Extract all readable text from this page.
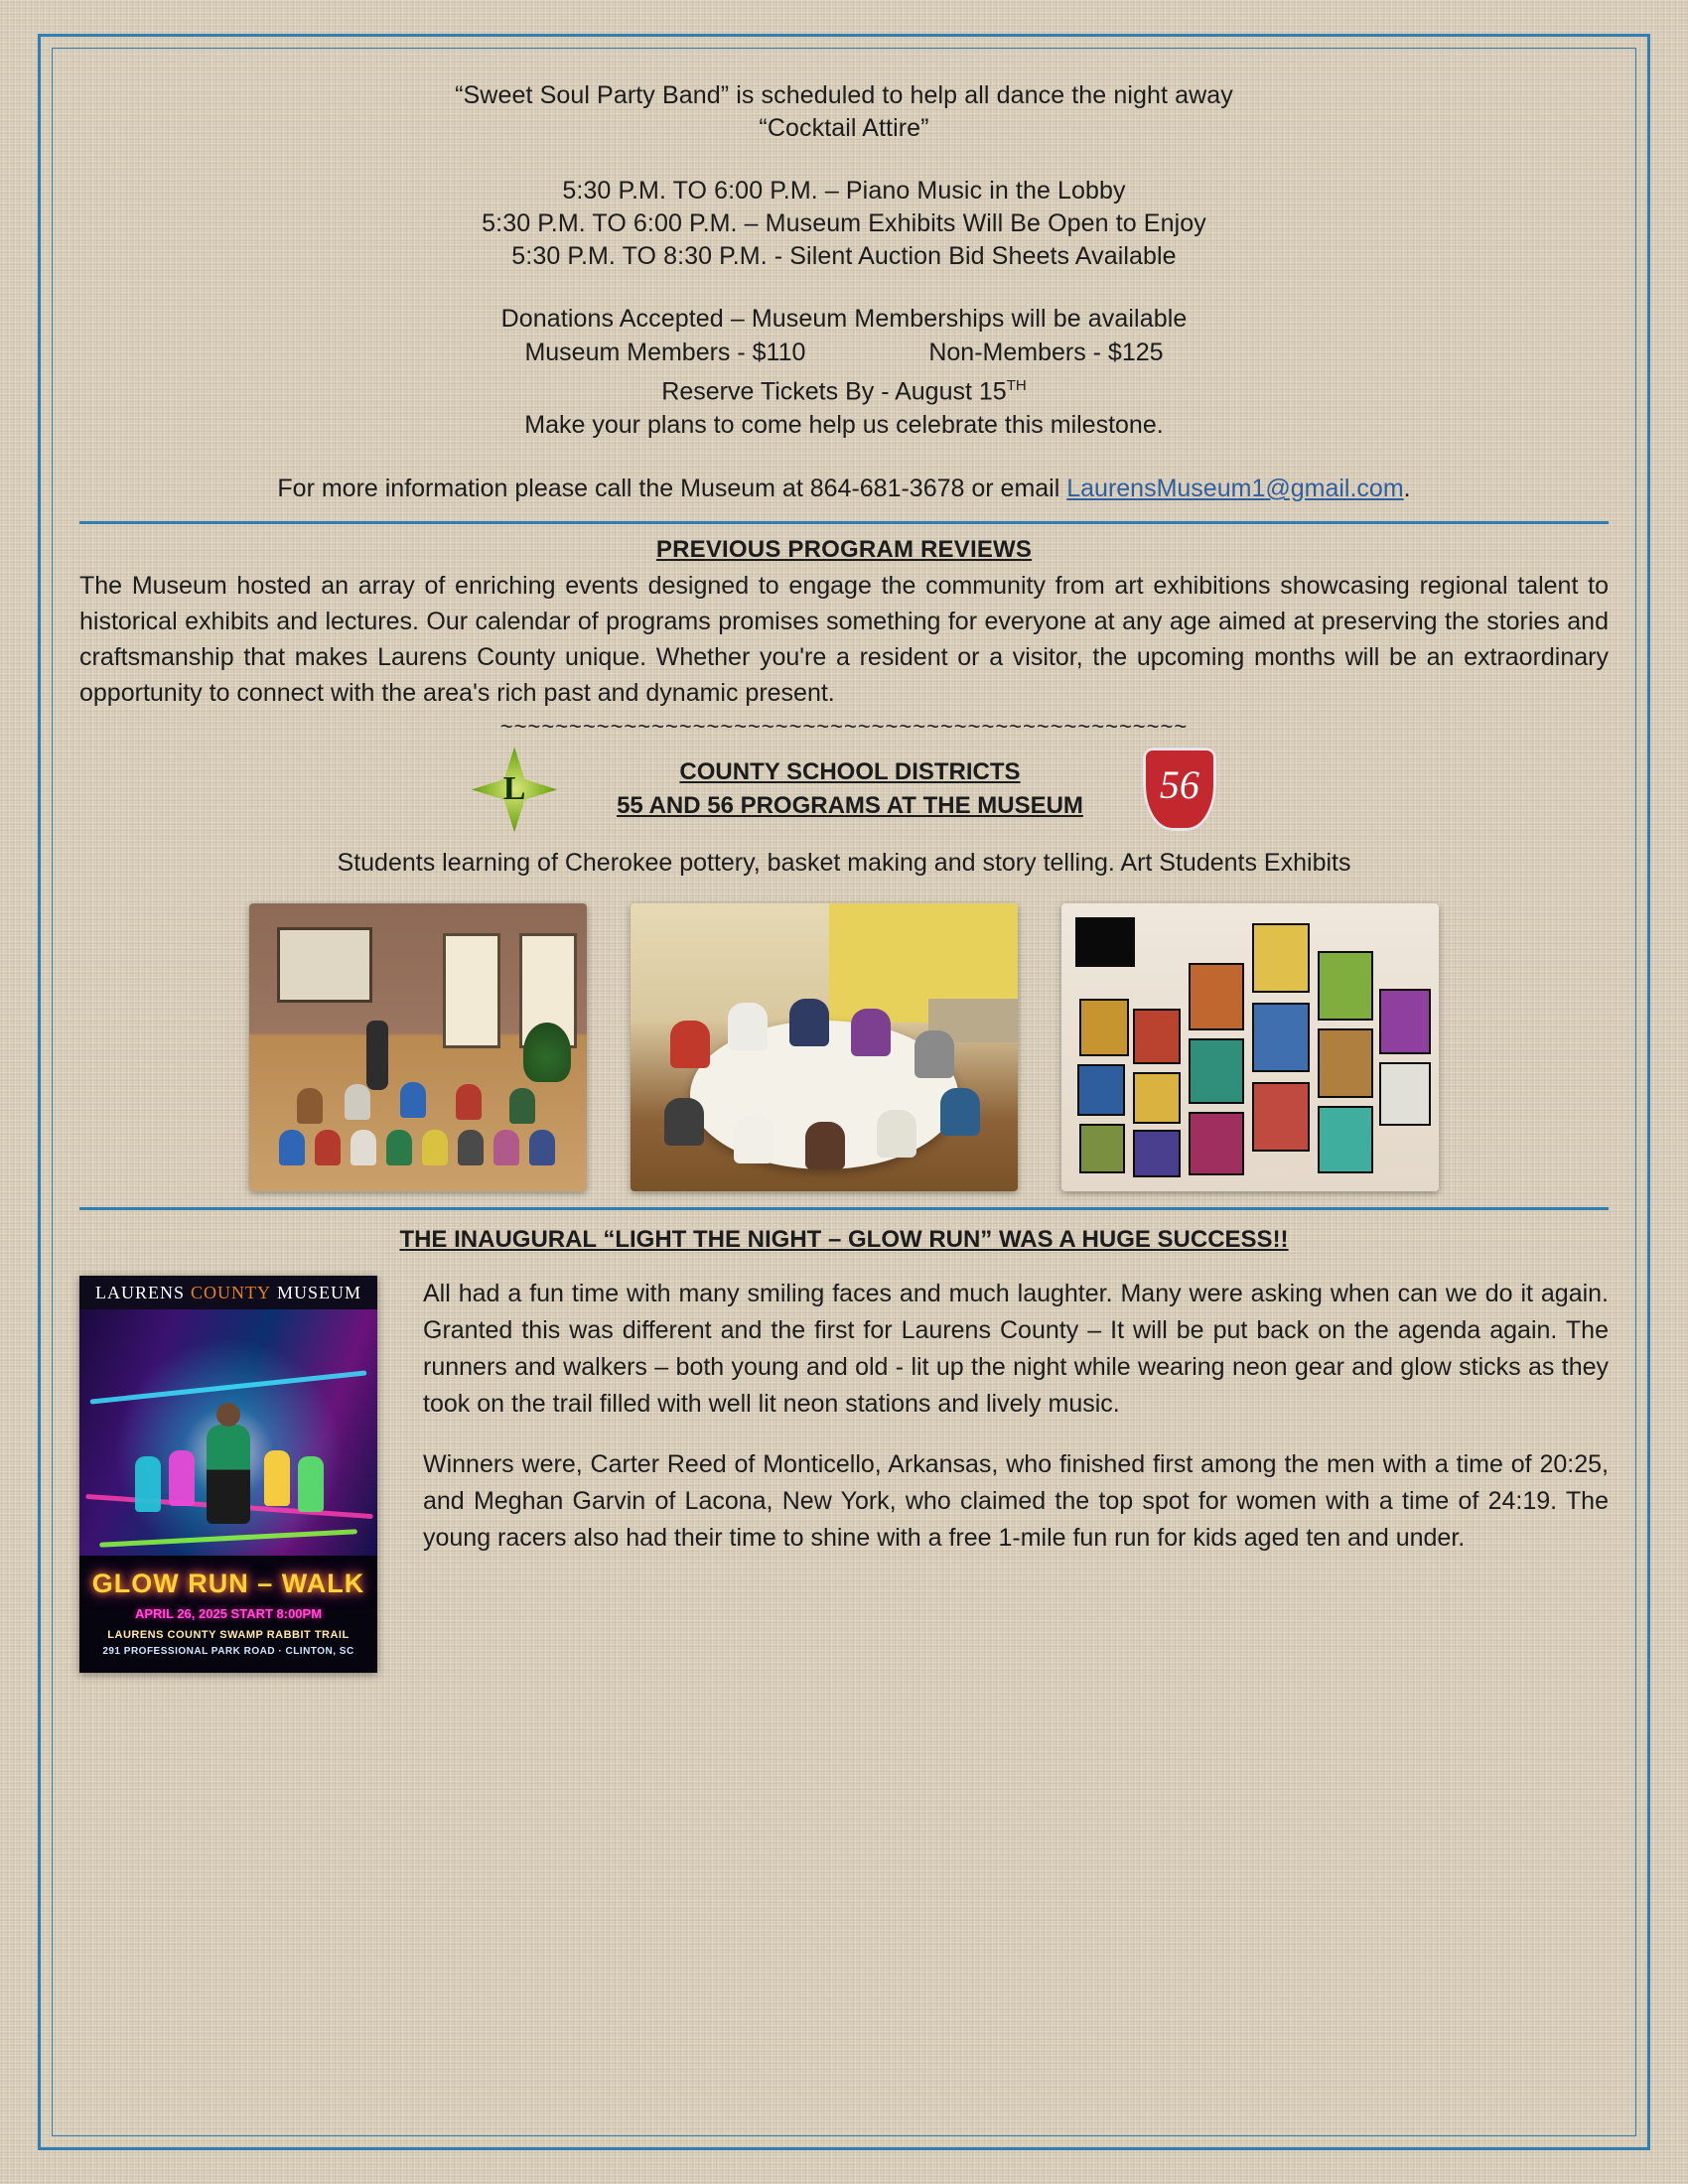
“Sweet Soul Party Band” is scheduled to help all dance the night away
“Cocktail Attire”
5:30 P.M. TO 6:00 P.M. – Piano Music in the Lobby
5:30 P.M. TO 6:00 P.M. – Museum Exhibits Will Be Open to Enjoy
5:30 P.M. TO 8:30 P.M. - Silent Auction Bid Sheets Available
Donations Accepted – Museum Memberships will be available
Museum Members - $110	Non-Members - $125
Reserve Tickets By - August 15TH
Make your plans to come help us celebrate this milestone.
For more information please call the Museum at 864-681-3678 or email LaurensMuseum1@gmail.com.
PREVIOUS PROGRAM REVIEWS
The Museum hosted an array of enriching events designed to engage the community from art exhibitions showcasing regional talent to historical exhibits and lectures. Our calendar of programs promises something for everyone at any age aimed at preserving the stories and craftsmanship that makes Laurens County unique. Whether you're a resident or a visitor, the upcoming months will be an extraordinary opportunity to connect with the area's rich past and dynamic present.
~~~~~~~~~~~~~~~~~~~~~~~~~~~~~~~~~~~~~~~~~~~~~~~~~~
L	COUNTY SCHOOL DISTRICTS
55 AND 56 PROGRAMS AT THE MUSEUM	56
Students learning of Cherokee pottery, basket making and story telling. Art Students Exhibits
THE INAUGURAL “LIGHT THE NIGHT – GLOW RUN” WAS A HUGE SUCCESS!!
LAURENS COUNTY MUSEUM
GLOW RUN – WALK
APRIL 26, 2025 START 8:00PM
LAURENS COUNTY SWAMP RABBIT TRAIL
291 PROFESSIONAL PARK ROAD · CLINTON, SC

All had a fun time with many smiling faces and much laughter. Many were asking when can we do it again. Granted this was different and the first for Laurens County – It will be put back on the agenda again. The runners and walkers – both young and old - lit up the night while wearing neon gear and glow sticks as they took on the trail filled with well lit neon stations and lively music.

Winners were, Carter Reed of Monticello, Arkansas, who finished first among the men with a time of 20:25, and Meghan Garvin of Lacona, New York, who claimed the top spot for women with a time of 24:19. The young racers also had their time to shine with a free 1-mile fun run for kids aged ten and under.
